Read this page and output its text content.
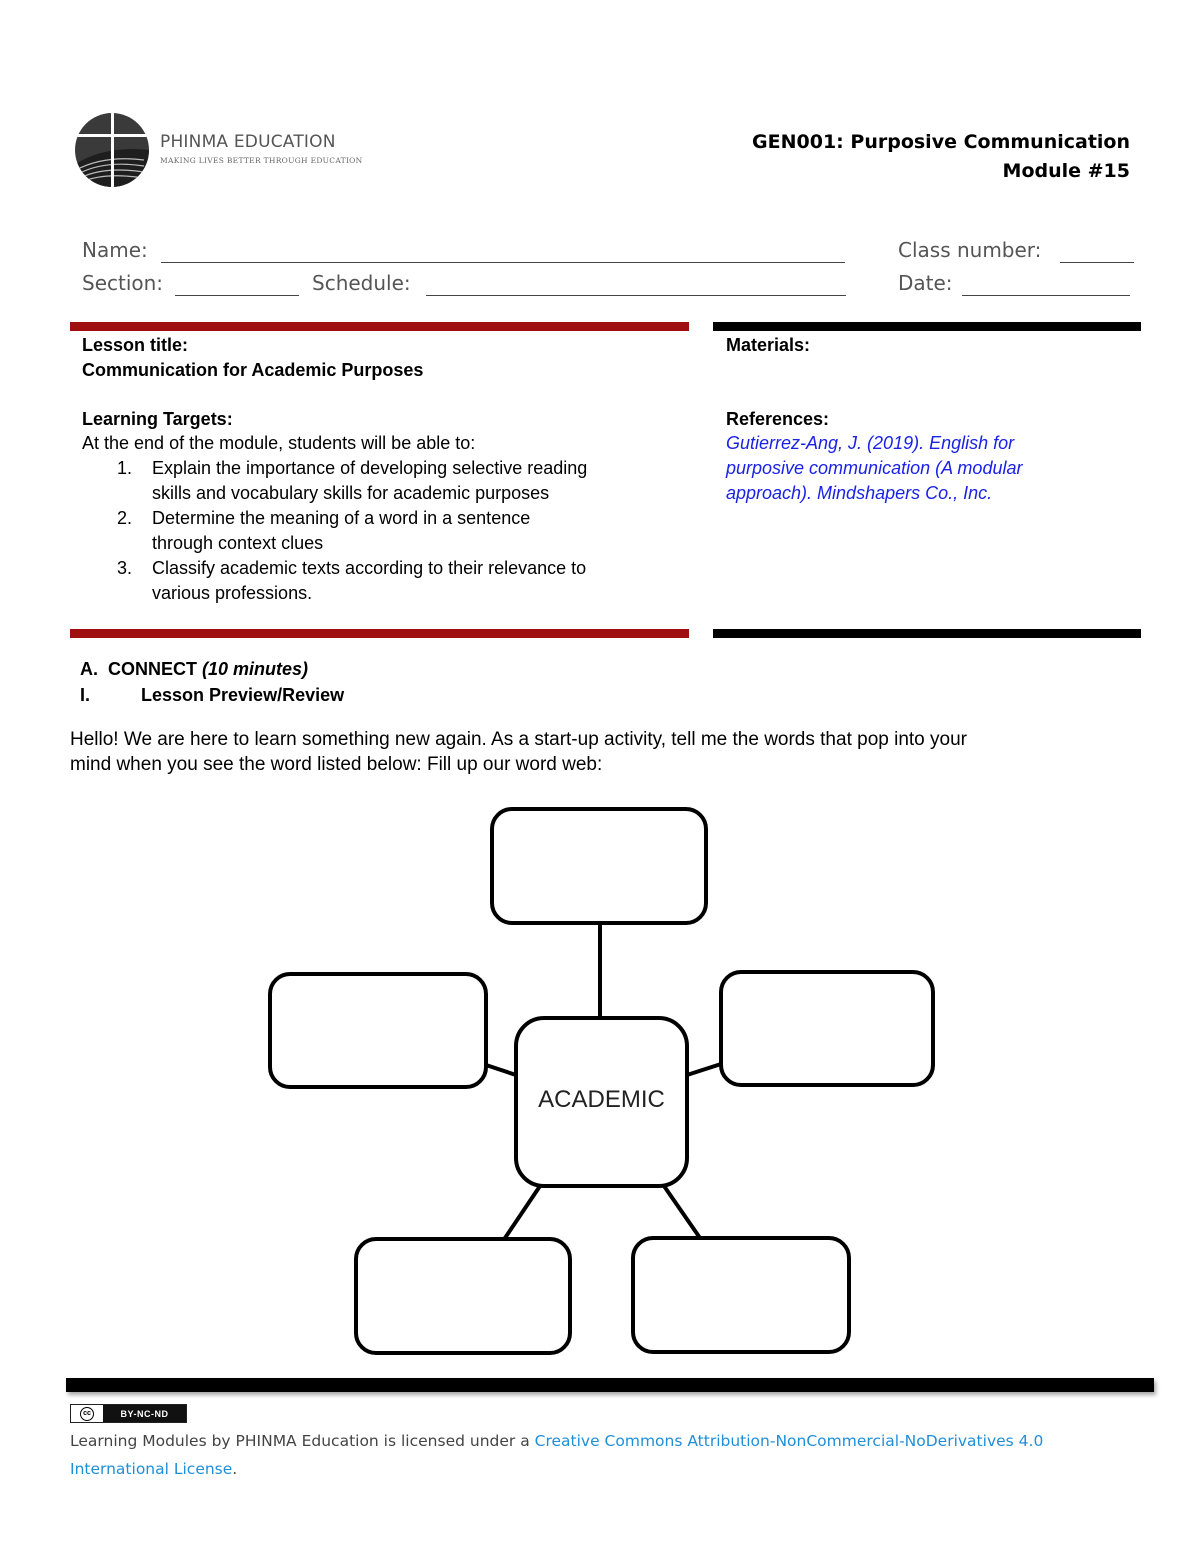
PHINMA EDUCATION
MAKING LIVES BETTER THROUGH EDUCATION
GEN001: Purposive Communication
Module #15
Name:	Class number:
Section:	Schedule:	Date:
Lesson title:
Communication for Academic Purposes
Learning Targets:
At the end of the module, students will be able to:
1. Explain the importance of developing selective reading
skills and vocabulary skills for academic purposes
2. Determine the meaning of a word in a sentence
through context clues
3. Classify academic texts according to their relevance to
various professions.
Materials:
References:
Gutierrez-Ang, J. (2019). English for
purposive communication (A modular
approach). Mindshapers Co., Inc.
A. CONNECT (10 minutes)
I.	Lesson Preview/Review
Hello! We are here to learn something new again. As a start-up activity, tell me the words that pop into your
mind when you see the word listed below: Fill up our word web:
ACADEMIC
cc	BY-NC-ND
Learning Modules by PHINMA Education is licensed under a Creative Commons Attribution-NonCommercial-NoDerivatives 4.0
International License.
